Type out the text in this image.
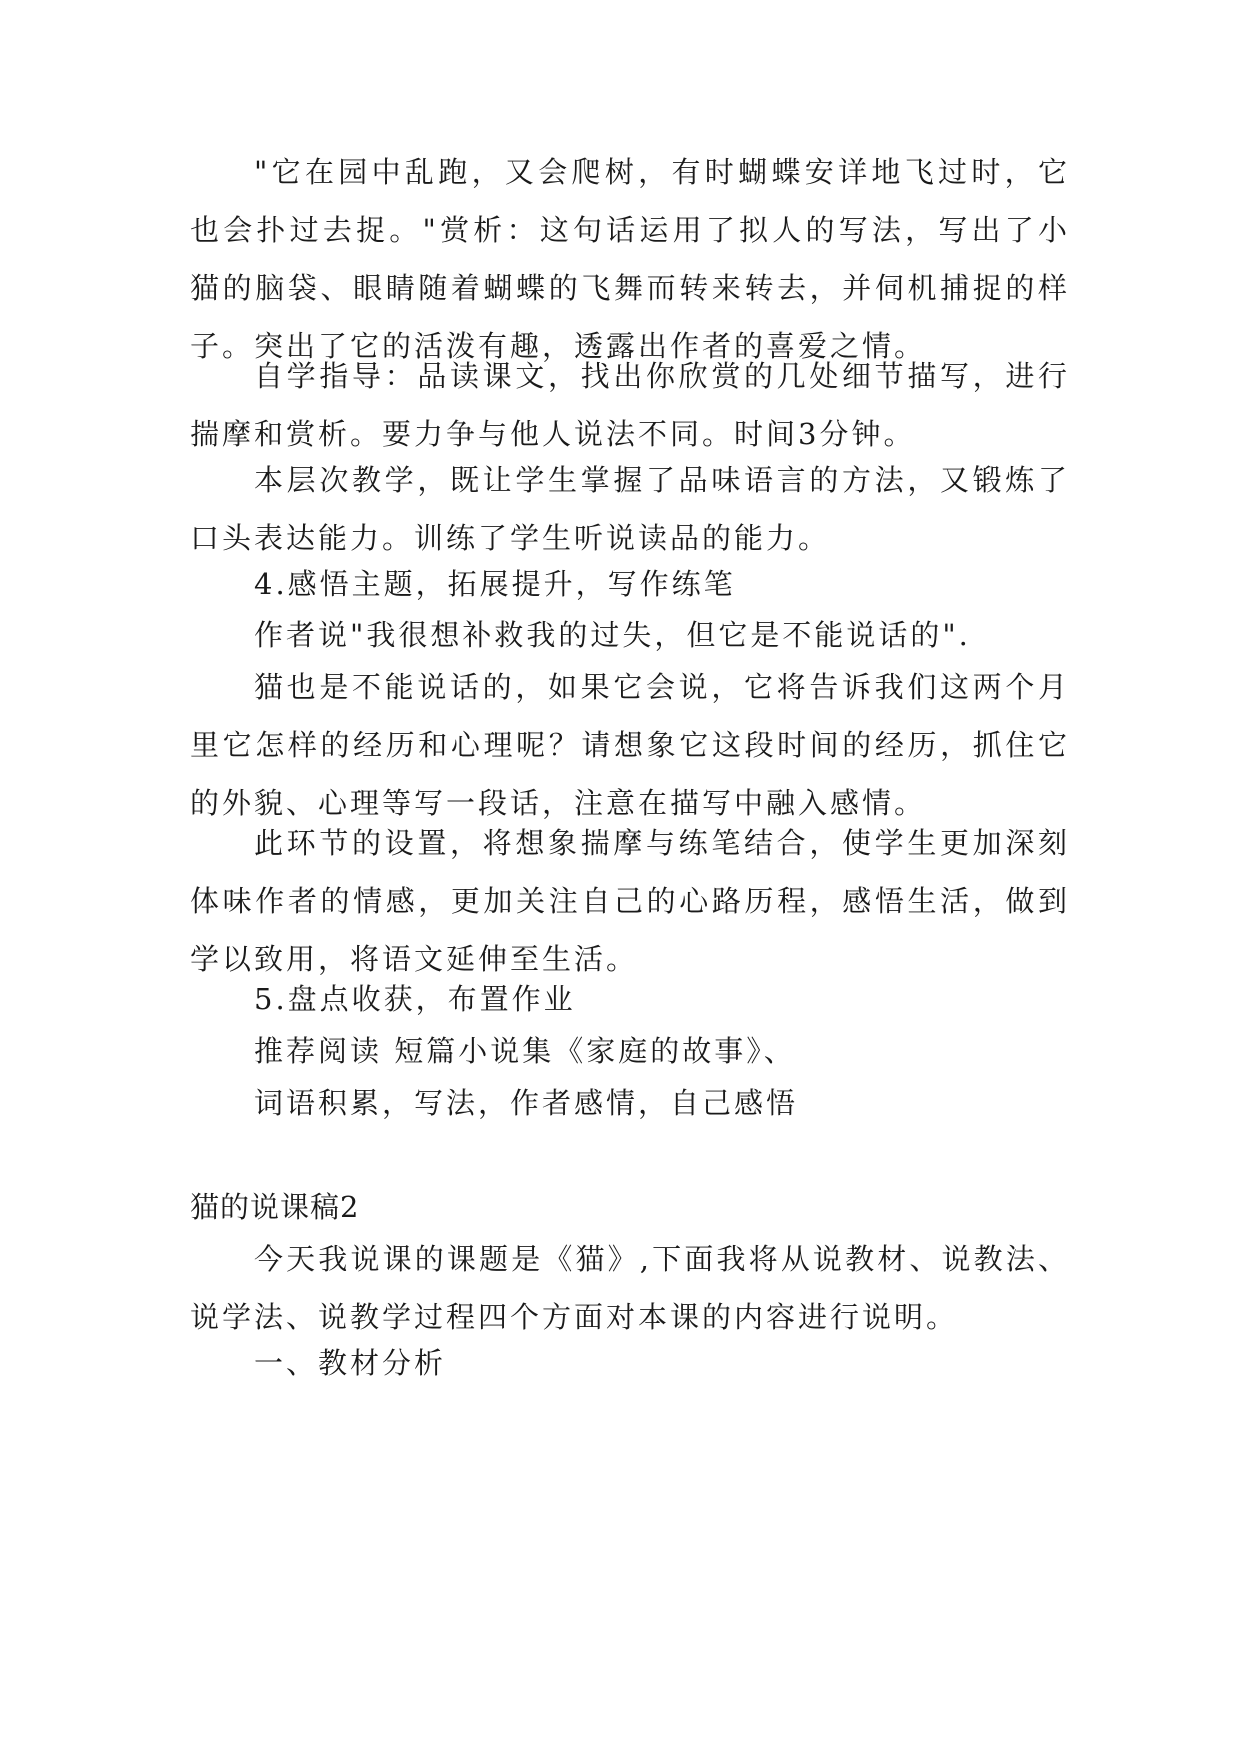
"它在园中乱跑，又会爬树，有时蝴蝶安详地飞过时，它也会扑过去捉。"赏析：这句话运用了拟人的写法，写出了小猫的脑袋、眼睛随着蝴蝶的飞舞而转来转去，并伺机捕捉的样子。突出了它的活泼有趣，透露出作者的喜爱之情。

自学指导：品读课文，找出你欣赏的几处细节描写，进行揣摩和赏析。要力争与他人说法不同。时间3分钟。

本层次教学，既让学生掌握了品味语言的方法，又锻炼了口头表达能力。训练了学生听说读品的能力。

4.感悟主题，拓展提升，写作练笔

作者说"我很想补救我的过失，但它是不能说话的".

猫也是不能说话的，如果它会说，它将告诉我们这两个月里它怎样的经历和心理呢？请想象它这段时间的经历，抓住它的外貌、心理等写一段话，注意在描写中融入感情。

此环节的设置，将想象揣摩与练笔结合，使学生更加深刻体味作者的情感，更加关注自己的心路历程，感悟生活，做到学以致用，将语文延伸至生活。

5.盘点收获，布置作业

推荐阅读 短篇小说集《家庭的故事》、

词语积累，写法，作者感情，自己感悟

猫的说课稿2

今天我说课的课题是《猫》,下面我将从说教材、说教法、说学法、说教学过程四个方面对本课的内容进行说明。

一、教材分析
